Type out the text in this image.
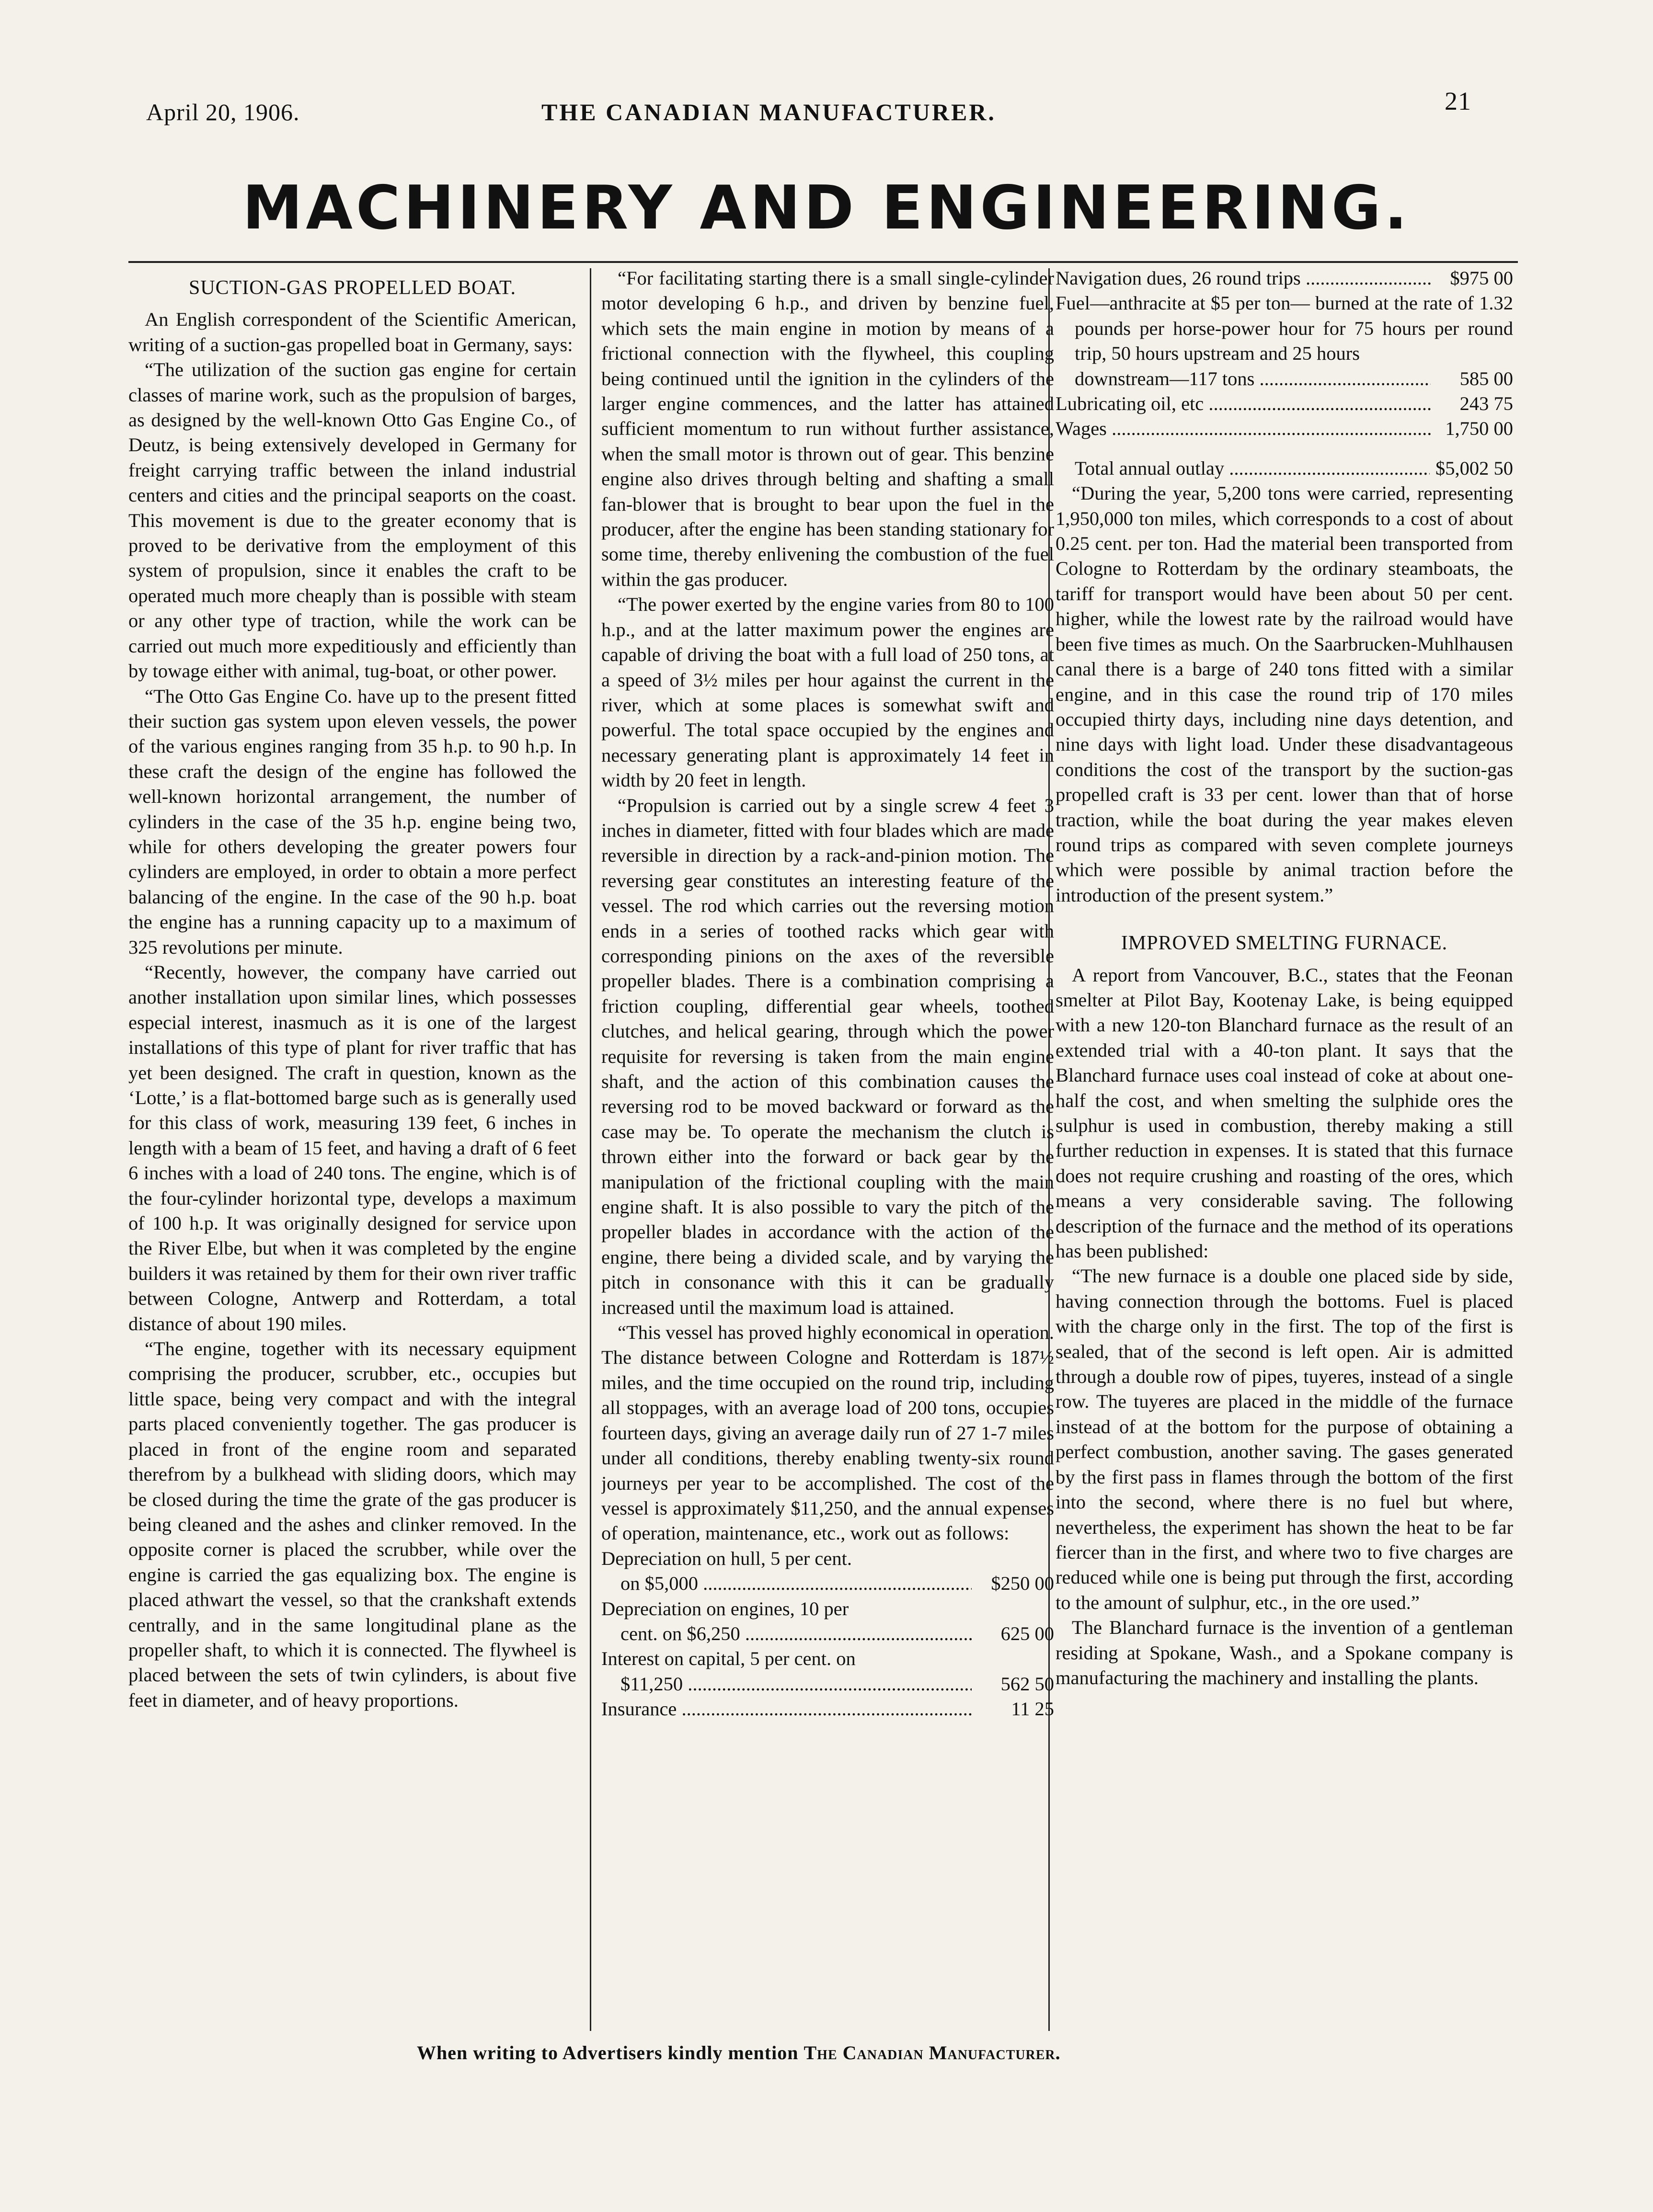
April 20, 1906.	THE CANADIAN MANUFACTURER.	21
MACHINERY AND ENGINEERING.
SUCTION-GAS PROPELLED BOAT.

An English correspondent of the Scientific American, writing of a suction-gas propelled boat in Germany, says:

“The utilization of the suction gas engine for certain classes of marine work, such as the propulsion of barges, as designed by the well-known Otto Gas Engine Co., of Deutz, is being extensively developed in Germany for freight carrying traffic between the inland industrial centers and cities and the principal seaports on the coast. This movement is due to the greater economy that is proved to be derivative from the employment of this system of propulsion, since it enables the craft to be operated much more cheaply than is possible with steam or any other type of traction, while the work can be carried out much more expeditiously and efficiently than by towage either with animal, tug-boat, or other power.

“The Otto Gas Engine Co. have up to the present fitted their suction gas system upon eleven vessels, the power of the various engines ranging from 35 h.p. to 90 h.p. In these craft the design of the engine has followed the well-known horizontal arrangement, the number of cylinders in the case of the 35 h.p. engine being two, while for others developing the greater powers four cylinders are employed, in order to obtain a more perfect balancing of the engine. In the case of the 90 h.p. boat the engine has a running capacity up to a maximum of 325 revolutions per minute.

“Recently, however, the company have carried out another installation upon similar lines, which possesses especial interest, inasmuch as it is one of the largest installations of this type of plant for river traffic that has yet been designed. The craft in question, known as the ‘Lotte,’ is a flat-bottomed barge such as is generally used for this class of work, measuring 139 feet, 6 inches in length with a beam of 15 feet, and having a draft of 6 feet 6 inches with a load of 240 tons. The engine, which is of the four-cylinder horizontal type, develops a maximum of 100 h.p. It was originally designed for service upon the River Elbe, but when it was completed by the engine builders it was retained by them for their own river traffic between Cologne, Antwerp and Rotterdam, a total distance of about 190 miles.

“The engine, together with its necessary equipment comprising the producer, scrubber, etc., occupies but little space, being very compact and with the integral parts placed conveniently together. The gas producer is placed in front of the engine room and separated therefrom by a bulkhead with sliding doors, which may be closed during the time the grate of the gas producer is being cleaned and the ashes and clinker removed. In the opposite corner is placed the scrubber, while over the engine is carried the gas equalizing box. The engine is placed athwart the vessel, so that the crankshaft extends centrally, and in the same longitudinal plane as the propeller shaft, to which it is connected. The flywheel is placed between the sets of twin cylinders, is about five feet in diameter, and of heavy proportions.

“For facilitating starting there is a small single-cylinder motor developing 6 h.p., and driven by benzine fuel, which sets the main engine in motion by means of a frictional connection with the flywheel, this coupling being continued until the ignition in the cylinders of the larger engine commences, and the latter has attained sufficient momentum to run without further assistance, when the small motor is thrown out of gear. This benzine engine also drives through belting and shafting a small fan-blower that is brought to bear upon the fuel in the producer, after the engine has been standing stationary for some time, thereby enlivening the combustion of the fuel within the gas producer.

“The power exerted by the engine varies from 80 to 100 h.p., and at the latter maximum power the engines are capable of driving the boat with a full load of 250 tons, at a speed of 3½ miles per hour against the current in the river, which at some places is somewhat swift and powerful. The total space occupied by the engines and necessary generating plant is approximately 14 feet in width by 20 feet in length.

“Propulsion is carried out by a single screw 4 feet 3 inches in diameter, fitted with four blades which are made reversible in direction by a rack-and-pinion motion. The reversing gear constitutes an interesting feature of the vessel. The rod which carries out the reversing motion ends in a series of toothed racks which gear with corresponding pinions on the axes of the reversible propeller blades. There is a combination comprising a friction coupling, differential gear wheels, toothed clutches, and helical gearing, through which the power requisite for reversing is taken from the main engine shaft, and the action of this combination causes the reversing rod to be moved backward or forward as the case may be. To operate the mechanism the clutch is thrown either into the forward or back gear by the manipulation of the frictional coupling with the main engine shaft. It is also possible to vary the pitch of the propeller blades in accordance with the action of the engine, there being a divided scale, and by varying the pitch in consonance with this it can be gradually increased until the maximum load is attained.

“This vessel has proved highly economical in operation. The distance between Cologne and Rotterdam is 187½ miles, and the time occupied on the round trip, including all stoppages, with an average load of 200 tons, occupies fourteen days, giving an average daily run of 27 1-7 miles under all conditions, thereby enabling twenty-six round journeys per year to be accomplished. The cost of the vessel is approximately $11,250, and the annual expenses of operation, maintenance, etc., work out as follows:

Depreciation on hull, 5 per cent.
on $5,000 .....	$250 00
Depreciation on engines, 10 per
cent. on $6,250 .....	625 00
Interest on capital, 5 per cent. on
$11,250 .....	562 50
Insurance .....	11 25
Navigation dues, 26 round trips .....	$975 00
Fuel—anthracite at $5 per ton— burned at the rate of 1.32 pounds per horse-power hour for 75 hours per round trip, 50 hours upstream and 25 hours
downstream—117 tons .....	585 00
Lubricating oil, etc .....	243 75
Wages .....	1,750 00
Total annual outlay .....	$5,002 50

“During the year, 5,200 tons were carried, representing 1,950,000 ton miles, which corresponds to a cost of about 0.25 cent. per ton. Had the material been transported from Cologne to Rotterdam by the ordinary steamboats, the tariff for transport would have been about 50 per cent. higher, while the lowest rate by the railroad would have been five times as much. On the Saarbrucken-Muhlhausen canal there is a barge of 240 tons fitted with a similar engine, and in this case the round trip of 170 miles occupied thirty days, including nine days detention, and nine days with light load. Under these disadvantageous conditions the cost of the transport by the suction-gas propelled craft is 33 per cent. lower than that of horse traction, while the boat during the year makes eleven round trips as compared with seven complete journeys which were possible by animal traction before the introduction of the present system.”

IMPROVED SMELTING FURNACE.

A report from Vancouver, B.C., states that the Feonan smelter at Pilot Bay, Kootenay Lake, is being equipped with a new 120-ton Blanchard furnace as the result of an extended trial with a 40-ton plant. It says that the Blanchard furnace uses coal instead of coke at about one-half the cost, and when smelting the sulphide ores the sulphur is used in combustion, thereby making a still further reduction in expenses. It is stated that this furnace does not require crushing and roasting of the ores, which means a very considerable saving. The following description of the furnace and the method of its operations has been published:

“The new furnace is a double one placed side by side, having connection through the bottoms. Fuel is placed with the charge only in the first. The top of the first is sealed, that of the second is left open. Air is admitted through a double row of pipes, tuyeres, instead of a single row. The tuyeres are placed in the middle of the furnace instead of at the bottom for the purpose of obtaining a perfect combustion, another saving. The gases generated by the first pass in flames through the bottom of the first into the second, where there is no fuel but where, nevertheless, the experiment has shown the heat to be far fiercer than in the first, and where two to five charges are reduced while one is being put through the first, according to the amount of sulphur, etc., in the ore used.”

The Blanchard furnace is the invention of a gentleman residing at Spokane, Wash., and a Spokane company is manufacturing the machinery and installing the plants.

When writing to Advertisers kindly mention The Canadian Manufacturer.
